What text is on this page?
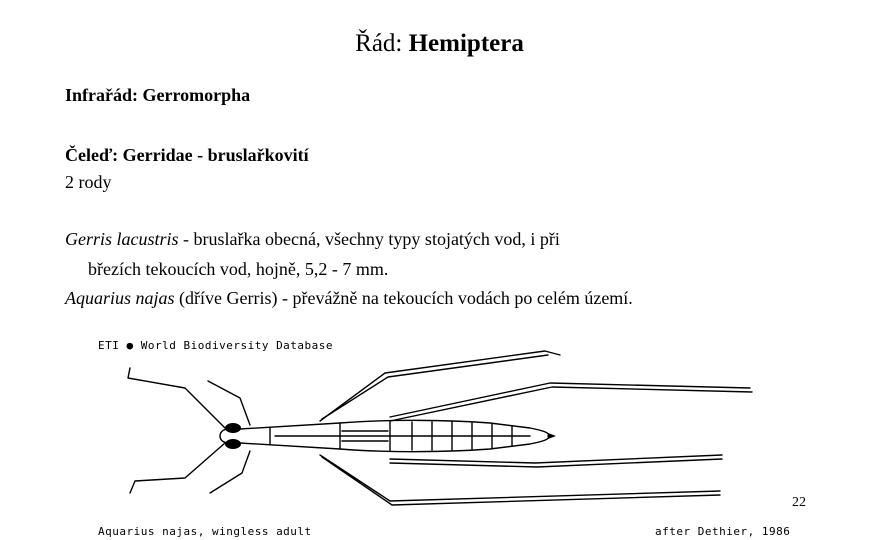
Řád: Hemiptera
Infrařád: Gerromorpha
Čeleď: Gerridae - bruslařkovití
2 rody
Gerris lacustris - bruslařka obecná, všechny typy stojatých vod, i při
březích tekoucích vod, hojně, 5,2 - 7 mm.
Aquarius najas (dříve Gerris) - převážně na tekoucích vodách po celém území.
ETI ● World Biodiversity Database
Aquarius najas, wingless adult	after Dethier, 1986
22
